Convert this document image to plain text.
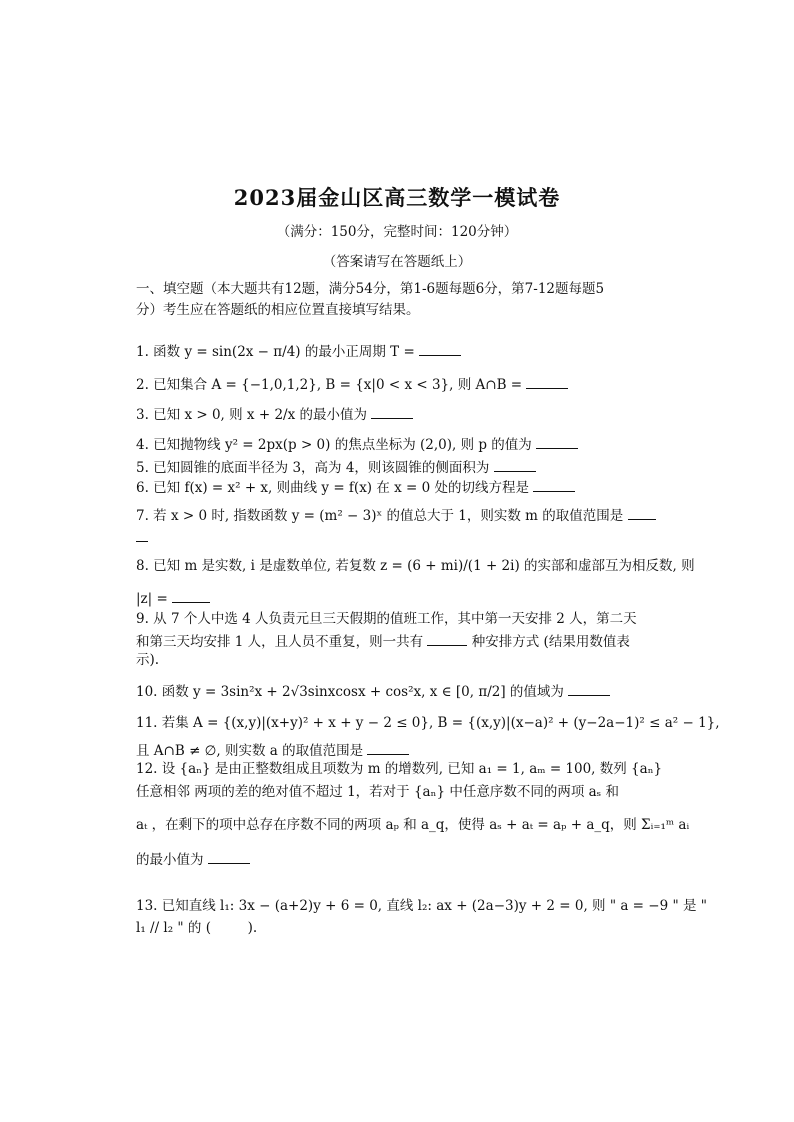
2023届金山区高三数学一模试卷
（满分：150分，完整时间：120分钟）
（答案请写在答题纸上）
一、填空题（本大题共有12题，满分54分，第1-6题每题6分，第7-12题每题5
分）考生应在答题纸的相应位置直接填写结果。
1. 函数 y = sin(2x − π/4) 的最小正周期 T =
2. 已知集合 A = {−1,0,1,2}, B = {x|0 < x < 3}, 则 A∩B =
3. 已知 x > 0, 则 x + 2/x 的最小值为
4. 已知抛物线 y² = 2px(p > 0) 的焦点坐标为 (2,0), 则 p 的值为
5. 已知圆锥的底面半径为 3，高为 4，则该圆锥的侧面积为
6. 已知 f(x) = x² + x, 则曲线 y = f(x) 在 x = 0 处的切线方程是
7. 若 x > 0 时, 指数函数 y = (m² − 3)ˣ 的值总大于 1，则实数 m 的取值范围是
8. 已知 m 是实数, i 是虚数单位, 若复数 z = (6 + mi)/(1 + 2i) 的实部和虚部互为相反数, 则
|z| =
9. 从 7 个人中选 4 人负责元旦三天假期的值班工作，其中第一天安排 2 人，第二天
和第三天均安排 1 人，且人员不重复，则一共有	种安排方式 (结果用数值表
示).
10. 函数 y = 3sin²x + 2√3sinxcosx + cos²x, x ∈ [0, π/2] 的值域为
11. 若集 A = {(x,y)|(x+y)² + x + y − 2 ≤ 0}, B = {(x,y)|(x−a)² + (y−2a−1)² ≤ a² − 1},
且 A∩B ≠ ∅, 则实数 a 的取值范围是
12. 设 {aₙ} 是由正整数组成且项数为 m 的增数列, 已知 a₁ = 1, aₘ = 100, 数列 {aₙ}
任意相邻 两项的差的绝对值不超过 1，若对于 {aₙ} 中任意序数不同的两项 aₛ 和
aₜ ，在剩下的项中总存在序数不同的两项 aₚ 和 a_q，使得 aₛ + aₜ = aₚ + a_q，则 Σᵢ₌₁ᵐ aᵢ
的最小值为
13. 已知直线 l₁: 3x − (a+2)y + 6 = 0, 直线 l₂: ax + (2a−3)y + 2 = 0, 则 " a = −9 " 是 "
l₁ // l₂ " 的 (	).
